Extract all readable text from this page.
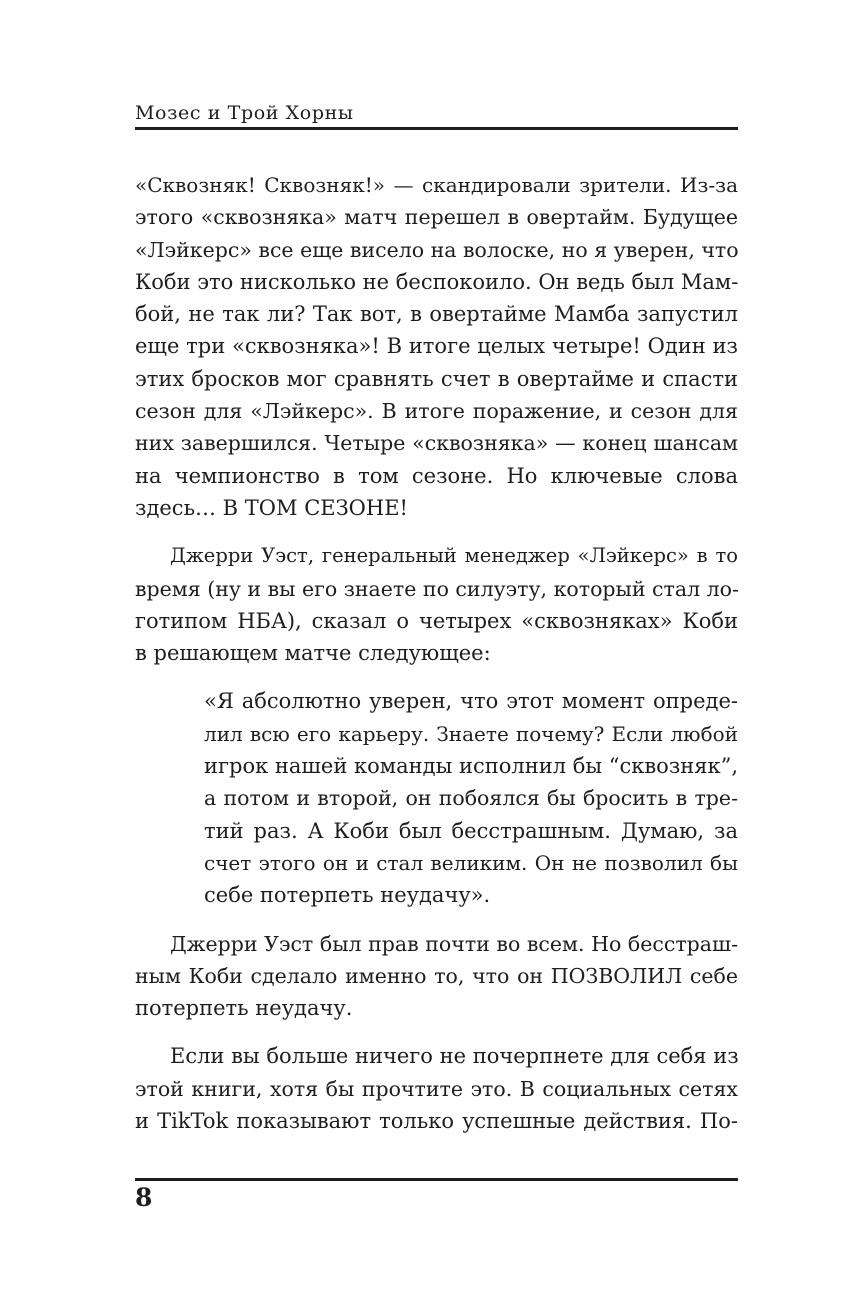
Мозес и Трой Хорны
«Сквозняк! Сквозняк!» — скандировали зрители. Из-за
этого «сквозняка» матч перешел в овертайм. Будущее
«Лэйкерс» все еще висело на волоске, но я уверен, что
Коби это нисколько не беспокоило. Он ведь был Мам-
бой, не так ли? Так вот, в овертайме Мамба запустил
еще три «сквозняка»! В итоге целых четыре! Один из
этих бросков мог сравнять счет в овертайме и спасти
сезон для «Лэйкерс». В итоге поражение, и сезон для
них завершился. Четыре «сквозняка» — конец шансам
на чемпионство в том сезоне. Но ключевые слова
здесь… В ТОМ СЕЗОНЕ!
Джерри Уэст, генеральный менеджер «Лэйкерс» в то
время (ну и вы его знаете по силуэту, который стал ло-
готипом НБА), сказал о четырех «сквозняках» Коби
в решающем матче следующее:
«Я абсолютно уверен, что этот момент опреде-
лил всю его карьеру. Знаете почему? Если любой
игрок нашей команды исполнил бы “сквозняк”,
а потом и второй, он побоялся бы бросить в тре-
тий раз. А Коби был бесстрашным. Думаю, за
счет этого он и стал великим. Он не позволил бы
себе потерпеть неудачу».
Джерри Уэст был прав почти во всем. Но бесстраш-
ным Коби сделало именно то, что он ПОЗВОЛИЛ себе
потерпеть неудачу.
Если вы больше ничего не почерпнете для себя из
этой книги, хотя бы прочтите это. В социальных сетях
и TikTok показывают только успешные действия. По-
8
